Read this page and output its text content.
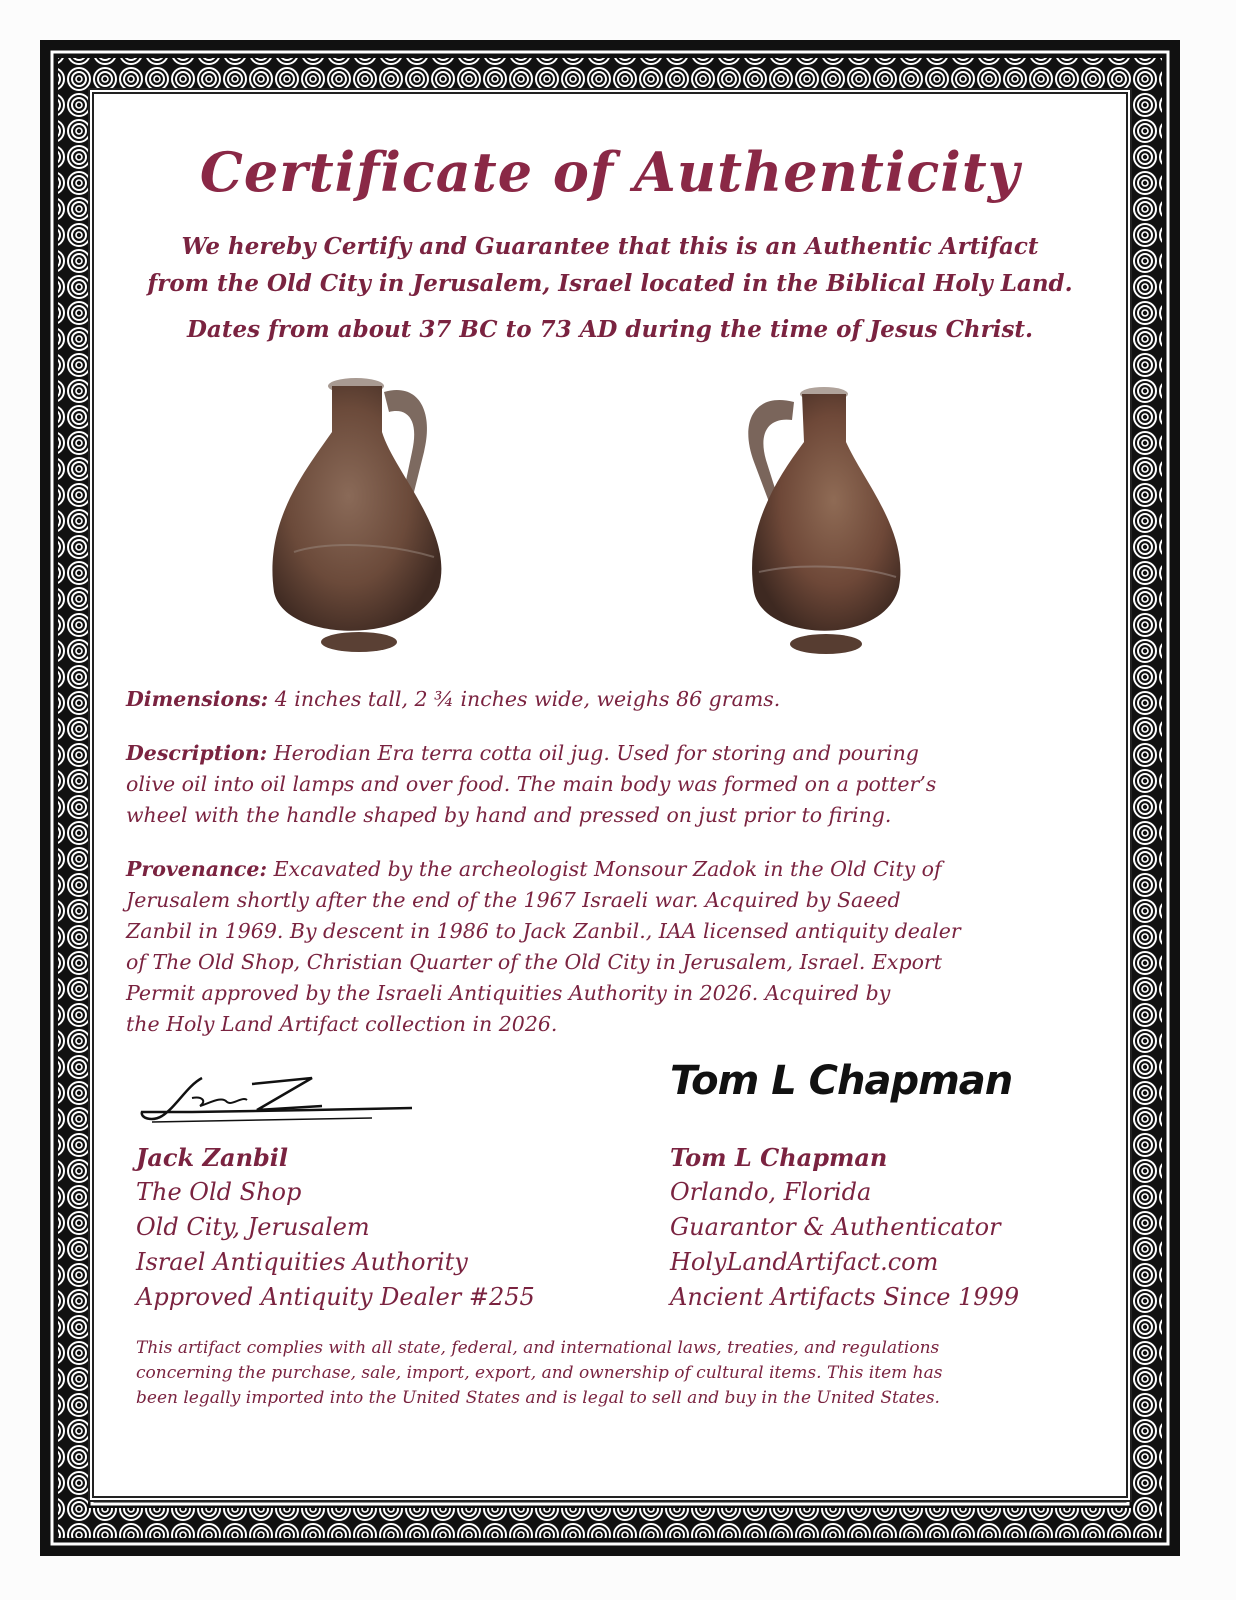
Certificate of Authenticity
We hereby Certify and Guarantee that this is an Authentic Artifact
from the Old City in Jerusalem, Israel located in the Biblical Holy Land.
Dates from about 37 BC to 73 AD during the time of Jesus Christ.
Dimensions: 4 inches tall, 2 ¾ inches wide, weighs 86 grams.
Description: Herodian Era terra cotta oil jug. Used for storing and pouring
olive oil into oil lamps and over food. The main body was formed on a potter’s
wheel with the handle shaped by hand and pressed on just prior to firing.
Provenance: Excavated by the archeologist Monsour Zadok in the Old City of
Jerusalem shortly after the end of the 1967 Israeli war. Acquired by Saeed
Zanbil in 1969. By descent in 1986 to Jack Zanbil., IAA licensed antiquity dealer
of The Old Shop, Christian Quarter of the Old City in Jerusalem, Israel. Export
Permit approved by the Israeli Antiquities Authority in 2026. Acquired by
the Holy Land Artifact collection in 2026.
Tom L Chapman
Jack Zanbil
The Old Shop
Old City, Jerusalem
Israel Antiquities Authority
Approved Antiquity Dealer #255
Tom L Chapman
Orlando, Florida
Guarantor & Authenticator
HolyLandArtifact.com
Ancient Artifacts Since 1999
This artifact complies with all state, federal, and international laws, treaties, and regulations
concerning the purchase, sale, import, export, and ownership of cultural items. This item has
been legally imported into the United States and is legal to sell and buy in the United States.
